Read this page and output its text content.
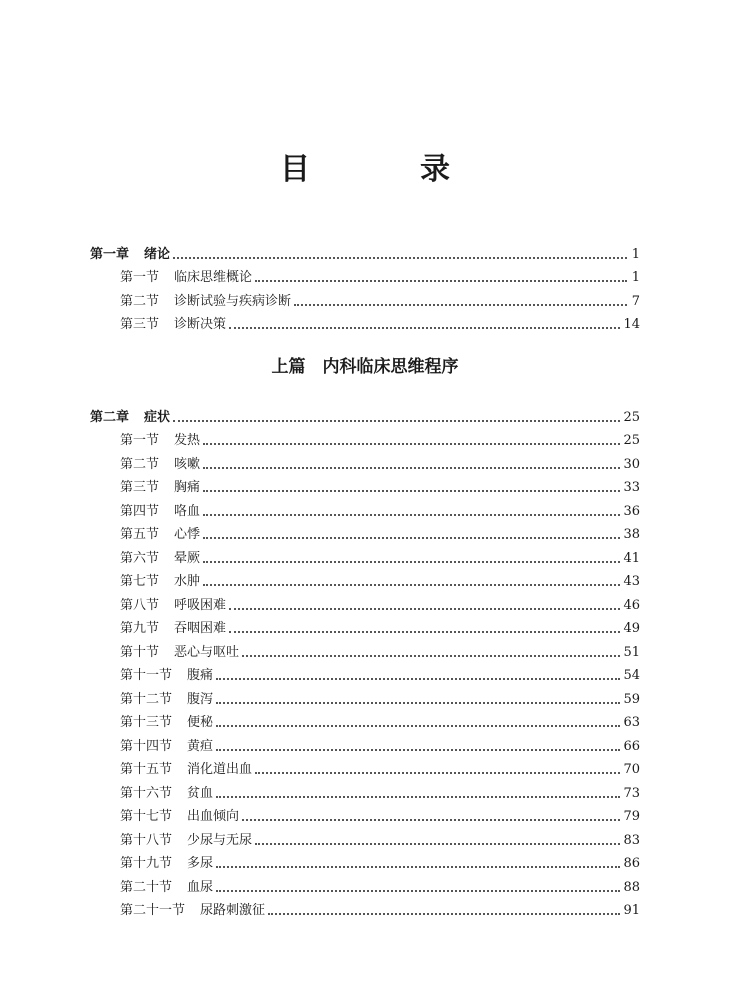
目　录
第一章 绪论	1
第一节 临床思维概论	1
第二节 诊断试验与疾病诊断	7
第三节 诊断决策	14
上篇　内科临床思维程序
第二章 症状	25
第一节 发热	25
第二节 咳嗽	30
第三节 胸痛	33
第四节 咯血	36
第五节 心悸	38
第六节 晕厥	41
第七节 水肿	43
第八节 呼吸困难	46
第九节 吞咽困难	49
第十节 恶心与呕吐	51
第十一节 腹痛	54
第十二节 腹泻	59
第十三节 便秘	63
第十四节 黄疸	66
第十五节 消化道出血	70
第十六节 贫血	73
第十七节 出血倾向	79
第十八节 少尿与无尿	83
第十九节 多尿	86
第二十节 血尿	88
第二十一节 尿路刺激征	91
